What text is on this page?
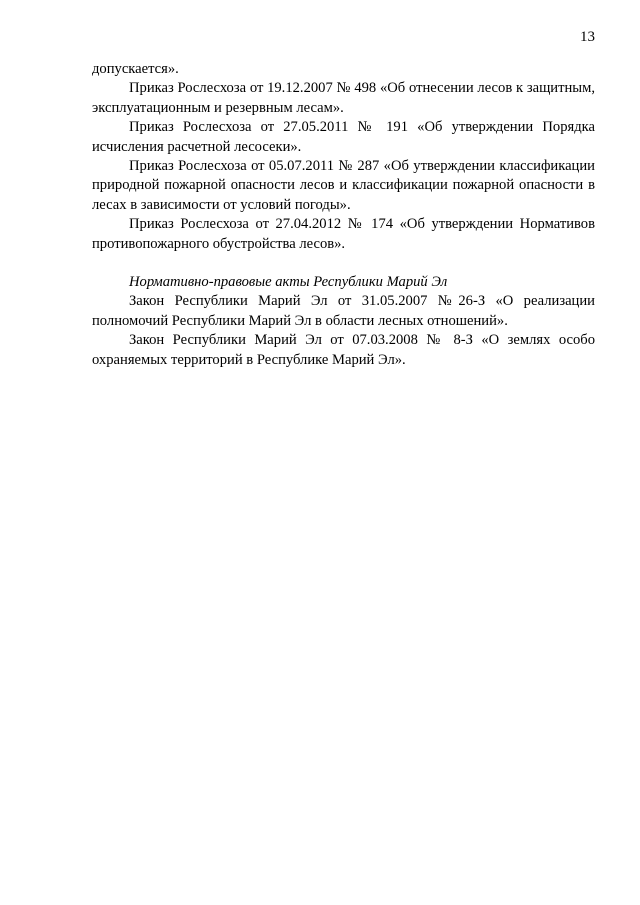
13

допускается».

Приказ Рослесхоза от 19.12.2007 № 498 «Об отнесении лесов к защитным, эксплуатационным и резервным лесам».

Приказ Рослесхоза от 27.05.2011 № 191 «Об утверждении Порядка исчисления расчетной лесосеки».

Приказ Рослесхоза от 05.07.2011 № 287 «Об утверждении классификации природной пожарной опасности лесов и классификации пожарной опасности в лесах в зависимости от условий погоды».

Приказ Рослесхоза от 27.04.2012 № 174 «Об утверждении Нормативов противопожарного обустройства лесов».

Нормативно-правовые акты Республики Марий Эл

Закон Республики Марий Эл от 31.05.2007 №26-З «О реализации полномочий Республики Марий Эл в области лесных отношений».

Закон Республики Марий Эл от 07.03.2008 № 8-З «О землях особо охраняемых территорий в Республике Марий Эл».
